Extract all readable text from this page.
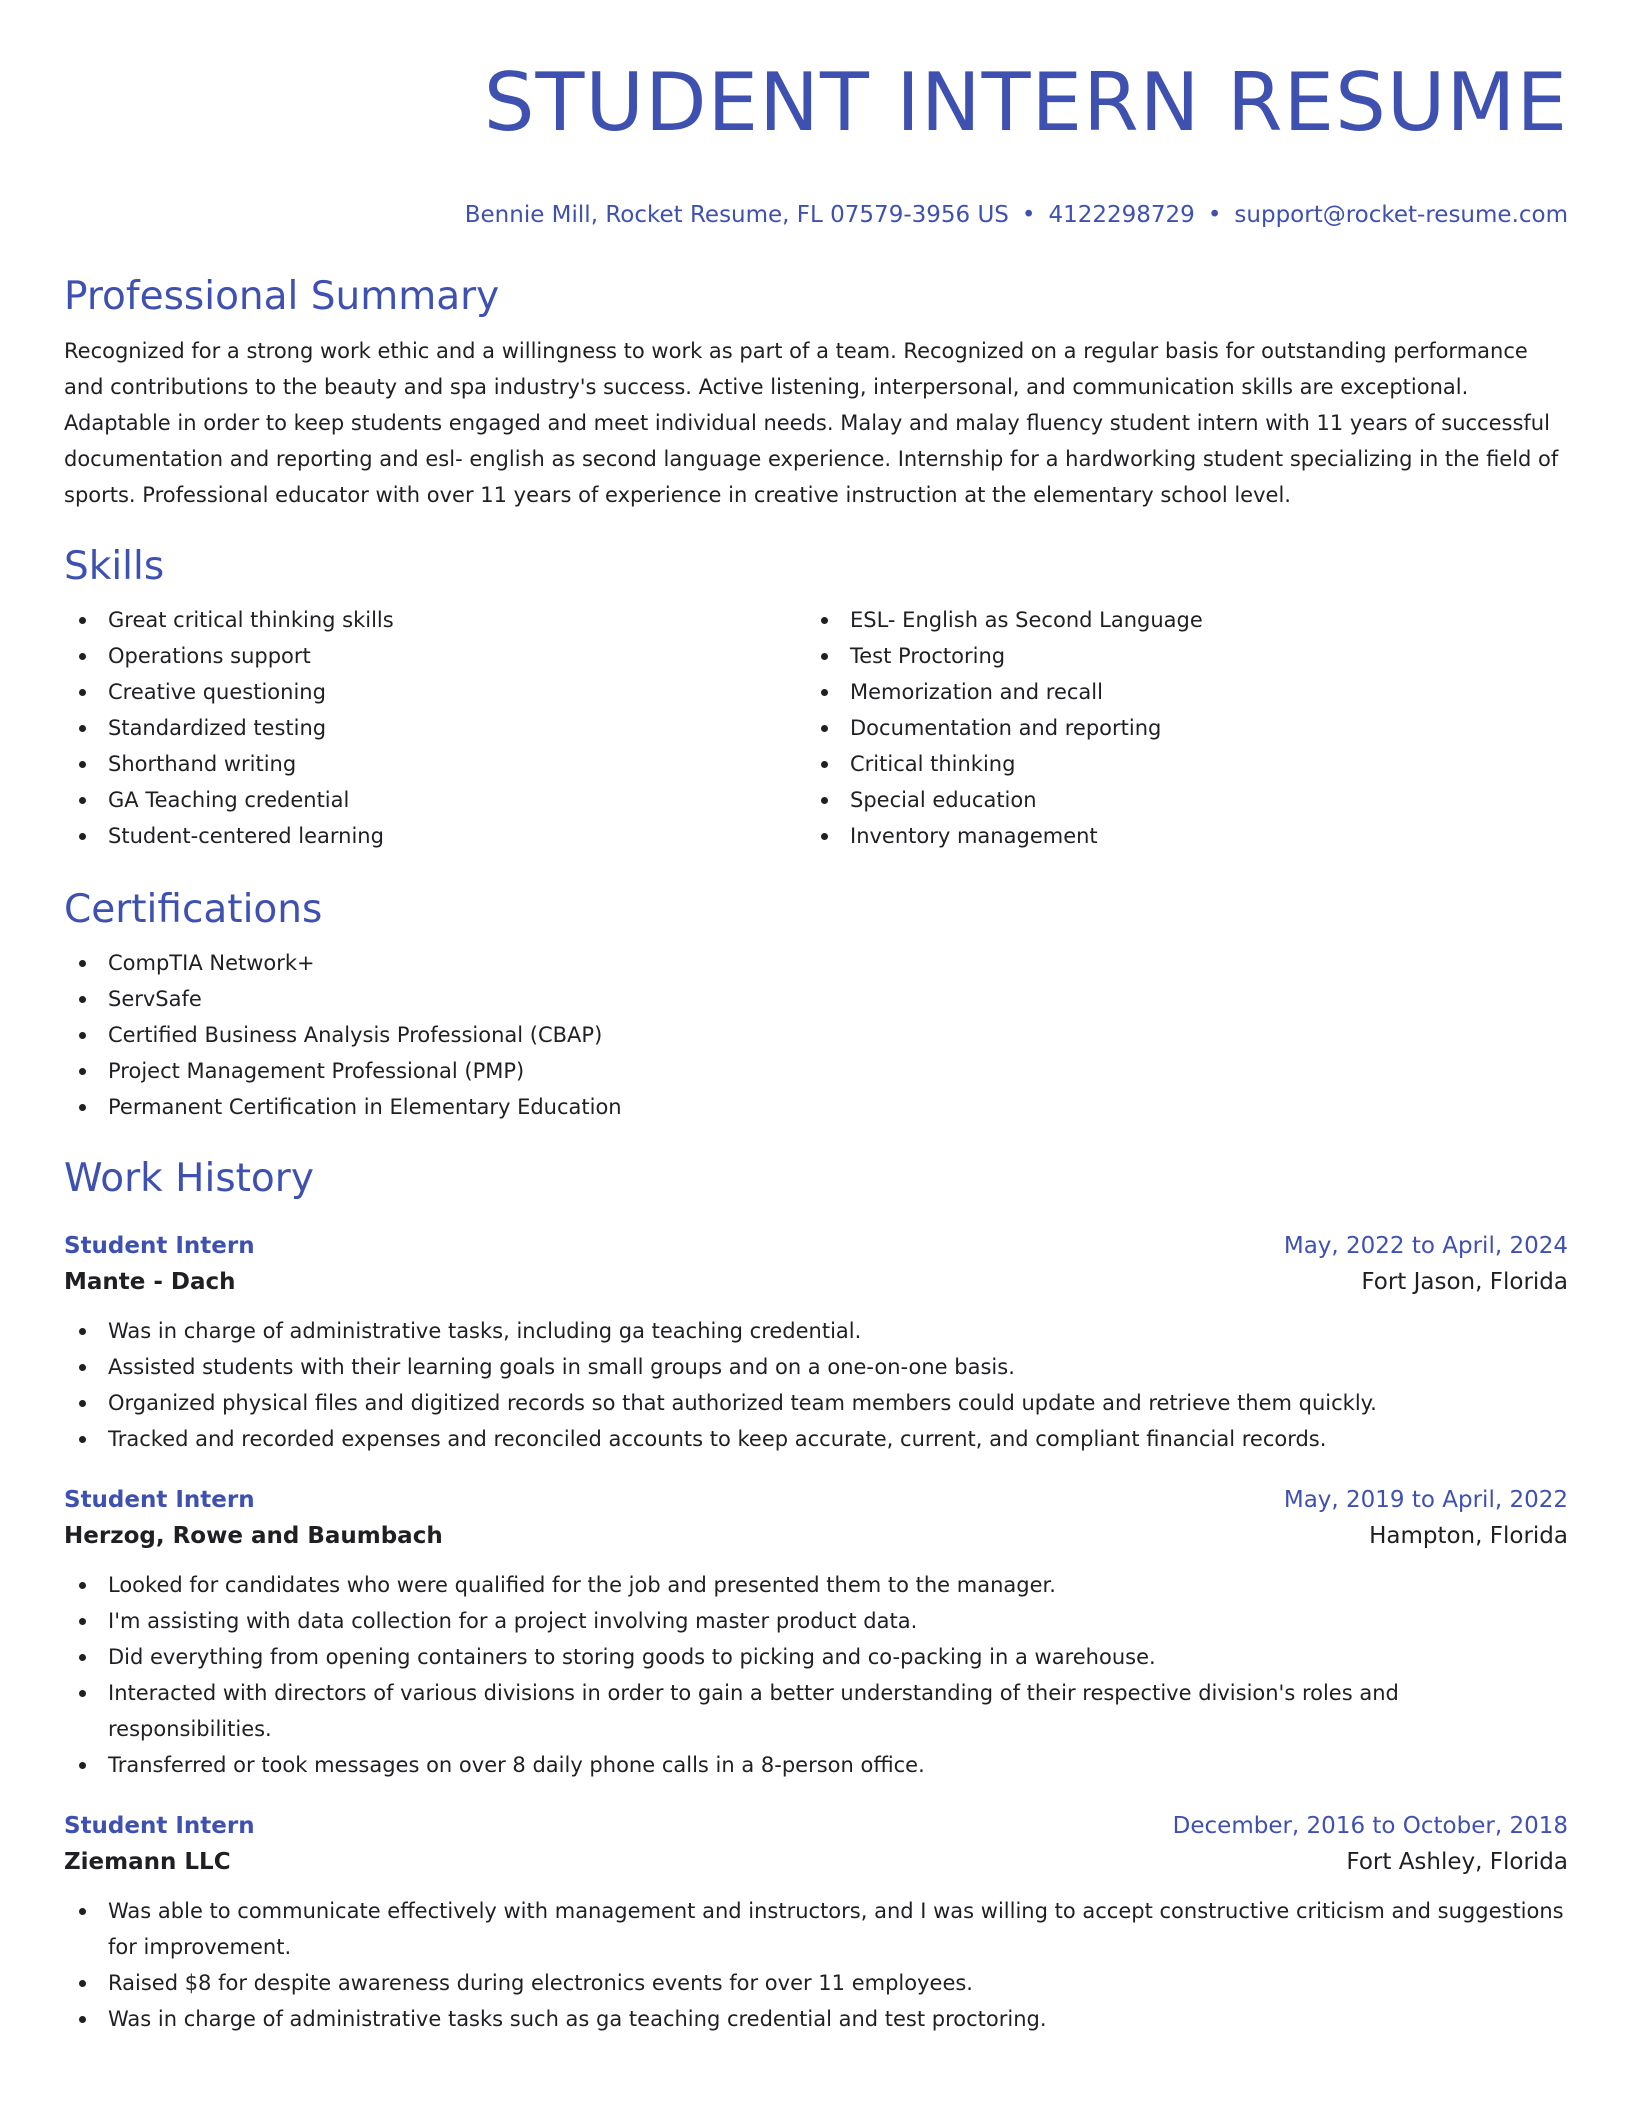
STUDENT INTERN RESUME
Bennie Mill, Rocket Resume, FL 07579-3956 US • 4122298729 • support@rocket-resume.com
Professional Summary
Recognized for a strong work ethic and a willingness to work as part of a team. Recognized on a regular basis for outstanding performance and contributions to the beauty and spa industry's success. Active listening, interpersonal, and communication skills are exceptional. Adaptable in order to keep students engaged and meet individual needs. Malay and malay fluency student intern with 11 years of successful documentation and reporting and esl- english as second language experience. Internship for a hardworking student specializing in the field of sports. Professional educator with over 11 years of experience in creative instruction at the elementary school level.
Skills
Great critical thinking skills
Operations support
Creative questioning
Standardized testing
Shorthand writing
GA Teaching credential
Student-centered learning
ESL- English as Second Language
Test Proctoring
Memorization and recall
Documentation and reporting
Critical thinking
Special education
Inventory management
Certifications
CompTIA Network+
ServSafe
Certified Business Analysis Professional (CBAP)
Project Management Professional (PMP)
Permanent Certification in Elementary Education
Work History
Student Intern	May, 2022 to April, 2024
Mante - Dach	Fort Jason, Florida
Was in charge of administrative tasks, including ga teaching credential.
Assisted students with their learning goals in small groups and on a one-on-one basis.
Organized physical files and digitized records so that authorized team members could update and retrieve them quickly.
Tracked and recorded expenses and reconciled accounts to keep accurate, current, and compliant financial records.
Student Intern	May, 2019 to April, 2022
Herzog, Rowe and Baumbach	Hampton, Florida
Looked for candidates who were qualified for the job and presented them to the manager.
I'm assisting with data collection for a project involving master product data.
Did everything from opening containers to storing goods to picking and co-packing in a warehouse.
Interacted with directors of various divisions in order to gain a better understanding of their respective division's roles and responsibilities.
Transferred or took messages on over 8 daily phone calls in a 8-person office.
Student Intern	December, 2016 to October, 2018
Ziemann LLC	Fort Ashley, Florida
Was able to communicate effectively with management and instructors, and I was willing to accept constructive criticism and suggestions for improvement.
Raised $8 for despite awareness during electronics events for over 11 employees.
Was in charge of administrative tasks such as ga teaching credential and test proctoring.
